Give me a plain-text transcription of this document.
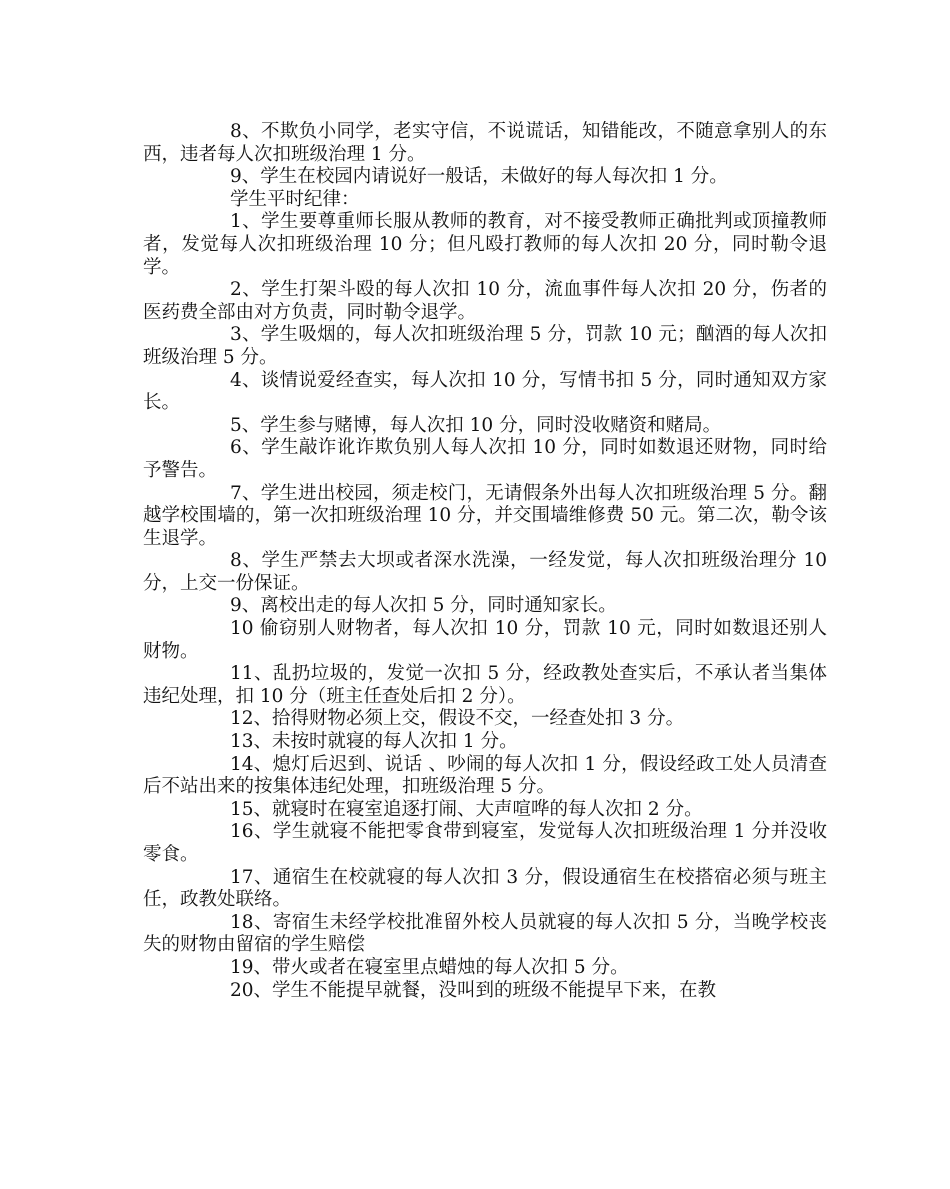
8、不欺负小同学，老实守信，不说谎话，知错能改，不随意拿别人的东西，违者每人次扣班级治理 1 分。

9、学生在校园内请说好一般话，未做好的每人每次扣 1 分。

学生平时纪律：

1、学生要尊重师长服从教师的教育，对不接受教师正确批判或顶撞教师者，发觉每人次扣班级治理 10 分；但凡殴打教师的每人次扣 20 分，同时勒令退学。

2、学生打架斗殴的每人次扣 10 分，流血事件每人次扣 20 分，伤者的医药费全部由对方负责，同时勒令退学。

3、学生吸烟的，每人次扣班级治理 5 分，罚款 10 元；酗酒的每人次扣班级治理 5 分。

4、谈情说爱经查实，每人次扣 10 分，写情书扣 5 分，同时通知双方家长。

5、学生参与赌博，每人次扣 10 分，同时没收赌资和赌局。

6、学生敲诈讹诈欺负别人每人次扣 10 分，同时如数退还财物，同时给予警告。

7、学生进出校园，须走校门，无请假条外出每人次扣班级治理 5 分。翻越学校围墙的，第一次扣班级治理 10 分，并交围墙维修费 50 元。第二次，勒令该生退学。

8、学生严禁去大坝或者深水洗澡，一经发觉，每人次扣班级治理分 10 分，上交一份保证。

9、离校出走的每人次扣 5 分，同时通知家长。

10 偷窃别人财物者，每人次扣 10 分，罚款 10 元，同时如数退还别人财物。

11、乱扔垃圾的，发觉一次扣 5 分，经政教处查实后，不承认者当集体违纪处理，扣 10 分（班主任查处后扣 2 分）。

12、拾得财物必须上交，假设不交，一经查处扣 3 分。

13、未按时就寝的每人次扣 1 分。

14、熄灯后迟到、说话 、吵闹的每人次扣 1 分，假设经政工处人员清查后不站出来的按集体违纪处理，扣班级治理 5 分。

15、就寝时在寝室追逐打闹、大声喧哗的每人次扣 2 分。

16、学生就寝不能把零食带到寝室，发觉每人次扣班级治理 1 分并没收零食。

17、通宿生在校就寝的每人次扣 3 分，假设通宿生在校搭宿必须与班主任，政教处联络。

18、寄宿生未经学校批准留外校人员就寝的每人次扣 5 分，当晚学校丧失的财物由留宿的学生赔偿

19、带火或者在寝室里点蜡烛的每人次扣 5 分。

20、学生不能提早就餐，没叫到的班级不能提早下来，在教
